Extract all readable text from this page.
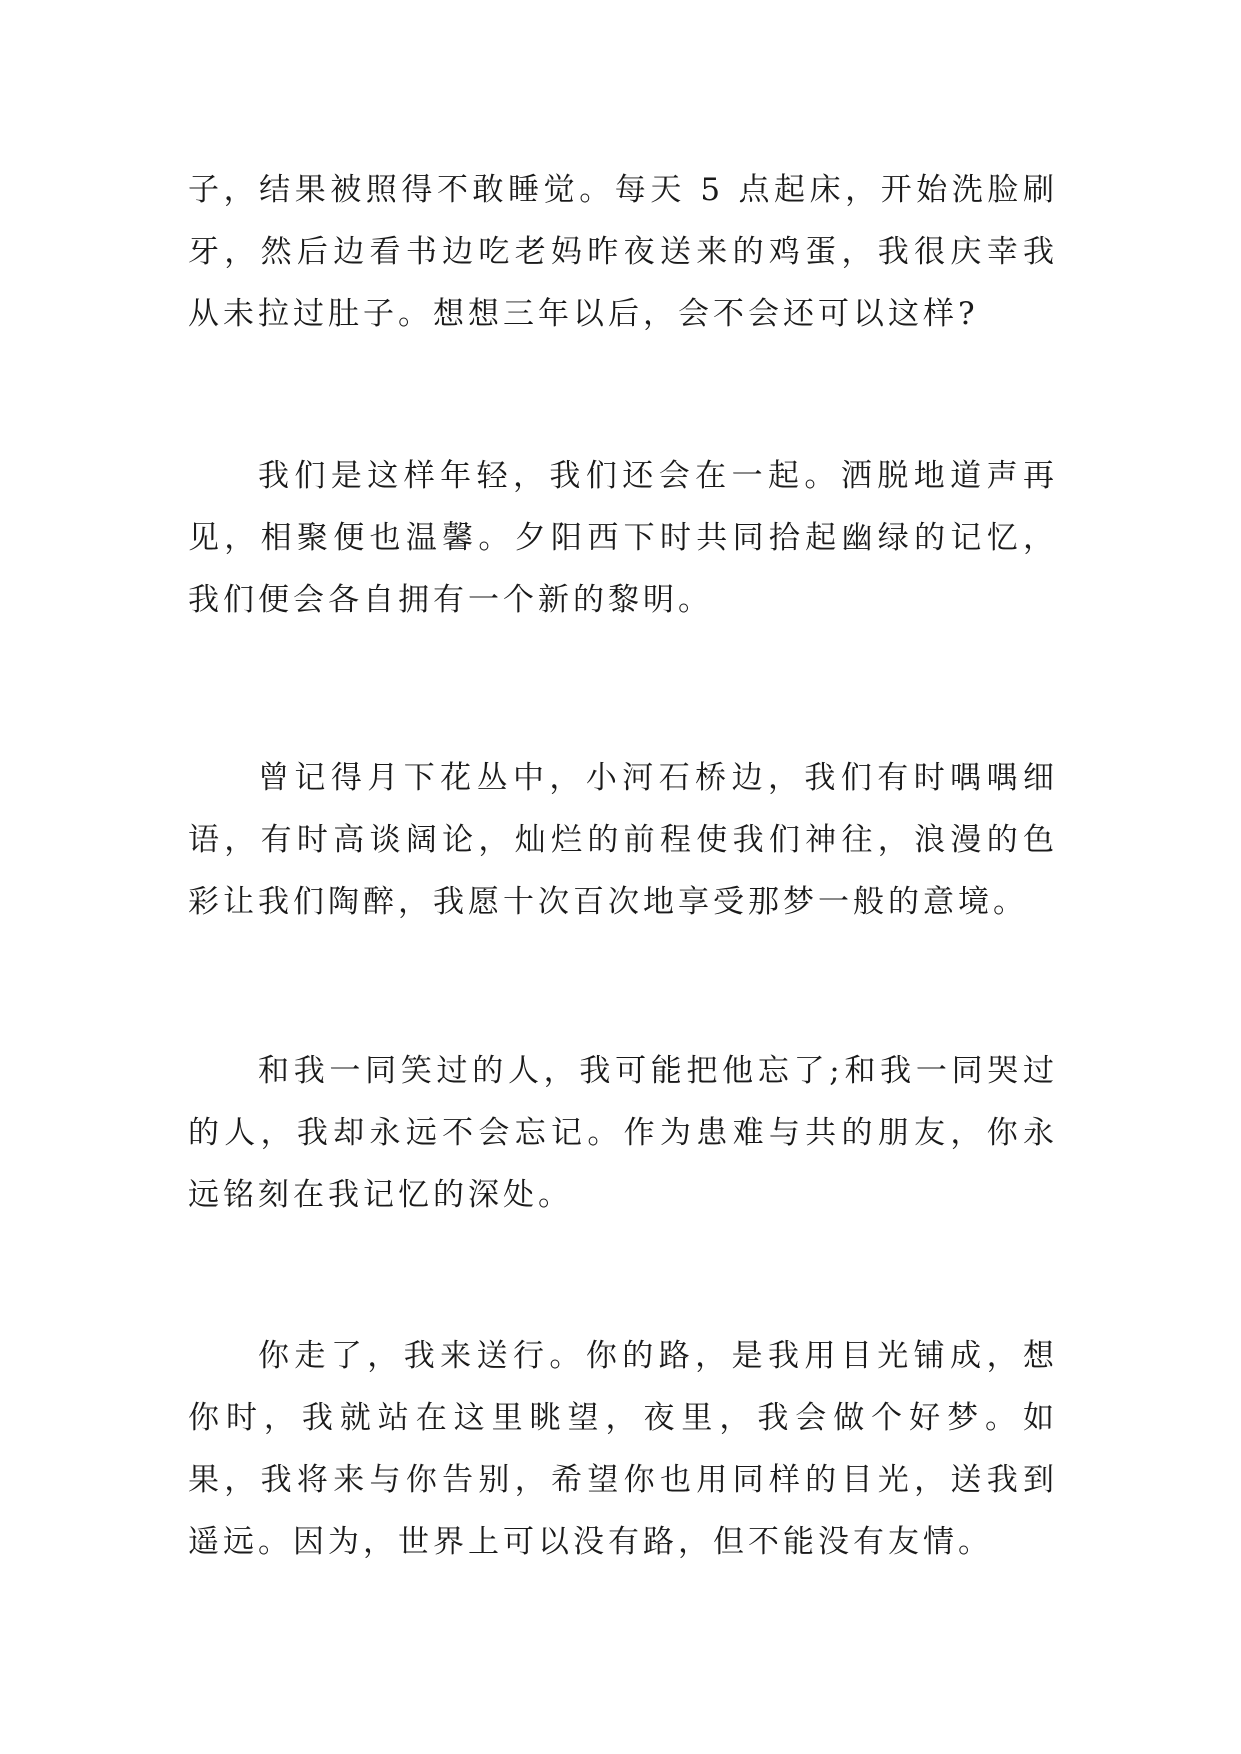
子，结果被照得不敢睡觉。每天 5 点起床，开始洗脸刷牙，然后边看书边吃老妈昨夜送来的鸡蛋，我很庆幸我从未拉过肚子。想想三年以后，会不会还可以这样?

我们是这样年轻，我们还会在一起。洒脱地道声再见，相聚便也温馨。夕阳西下时共同拾起幽绿的记忆，我们便会各自拥有一个新的黎明。

曾记得月下花丛中，小河石桥边，我们有时喁喁细语，有时高谈阔论，灿烂的前程使我们神往，浪漫的色彩让我们陶醉，我愿十次百次地享受那梦一般的意境。

和我一同笑过的人，我可能把他忘了;和我一同哭过的人，我却永远不会忘记。作为患难与共的朋友，你永远铭刻在我记忆的深处。

你走了，我来送行。你的路，是我用目光铺成，想你时，我就站在这里眺望，夜里，我会做个好梦。如果，我将来与你告别，希望你也用同样的目光，送我到遥远。因为，世界上可以没有路，但不能没有友情。
